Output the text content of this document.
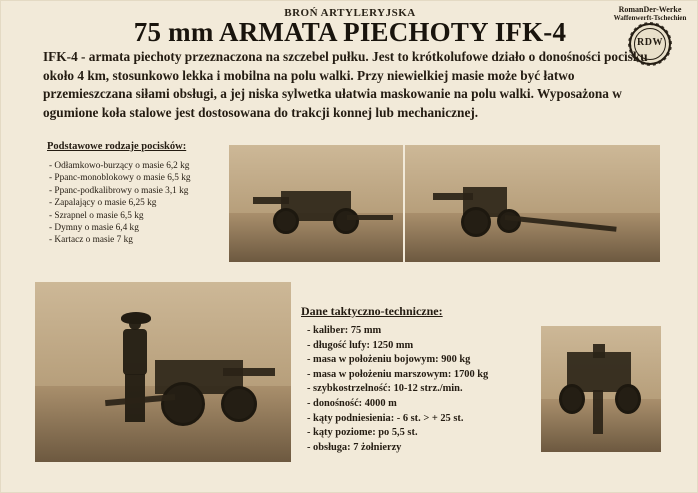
BROŃ ARTYLERYJSKA
75 mm ARMATA PIECHOTY IFK-4
RomanDer-Werke
Waffenwerft-Tschechien
RDW
IFK-4 - armata piechoty przeznaczona na szczebel pułku. Jest to krótkolufowe działo o donośności pocisku około 4 km, stosunkowo lekka i mobilna na polu walki. Przy niewielkiej masie może być łatwo przemieszczana siłami obsługi, a jej niska sylwetka ułatwia maskowanie na polu walki. Wyposażona w ogumione koła stalowe jest dostosowana do trakcji konnej lub mechanicznej.
Podstawowe rodzaje pocisków:
- Odłamkowo-burzący o masie 6,2 kg
- Ppanc-monoblokowy o masie 6,5 kg
- Ppanc-podkalibrowy o masie 3,1 kg
- Zapalający o masie 6,25 kg
- Szrapnel o masie 6,5 kg
- Dymny o masie 6,4 kg
- Kartacz o masie 7 kg
Dane taktyczno-techniczne:
- kaliber: 75 mm
- długość lufy: 1250 mm
- masa w położeniu bojowym: 900 kg
- masa w położeniu marszowym: 1700 kg
- szybkostrzelność: 10-12 strz./min.
- donośność: 4000 m
- kąty podniesienia: - 6 st. > + 25 st.
- kąty poziome: po 5,5 st.
- obsługa: 7 żołnierzy
